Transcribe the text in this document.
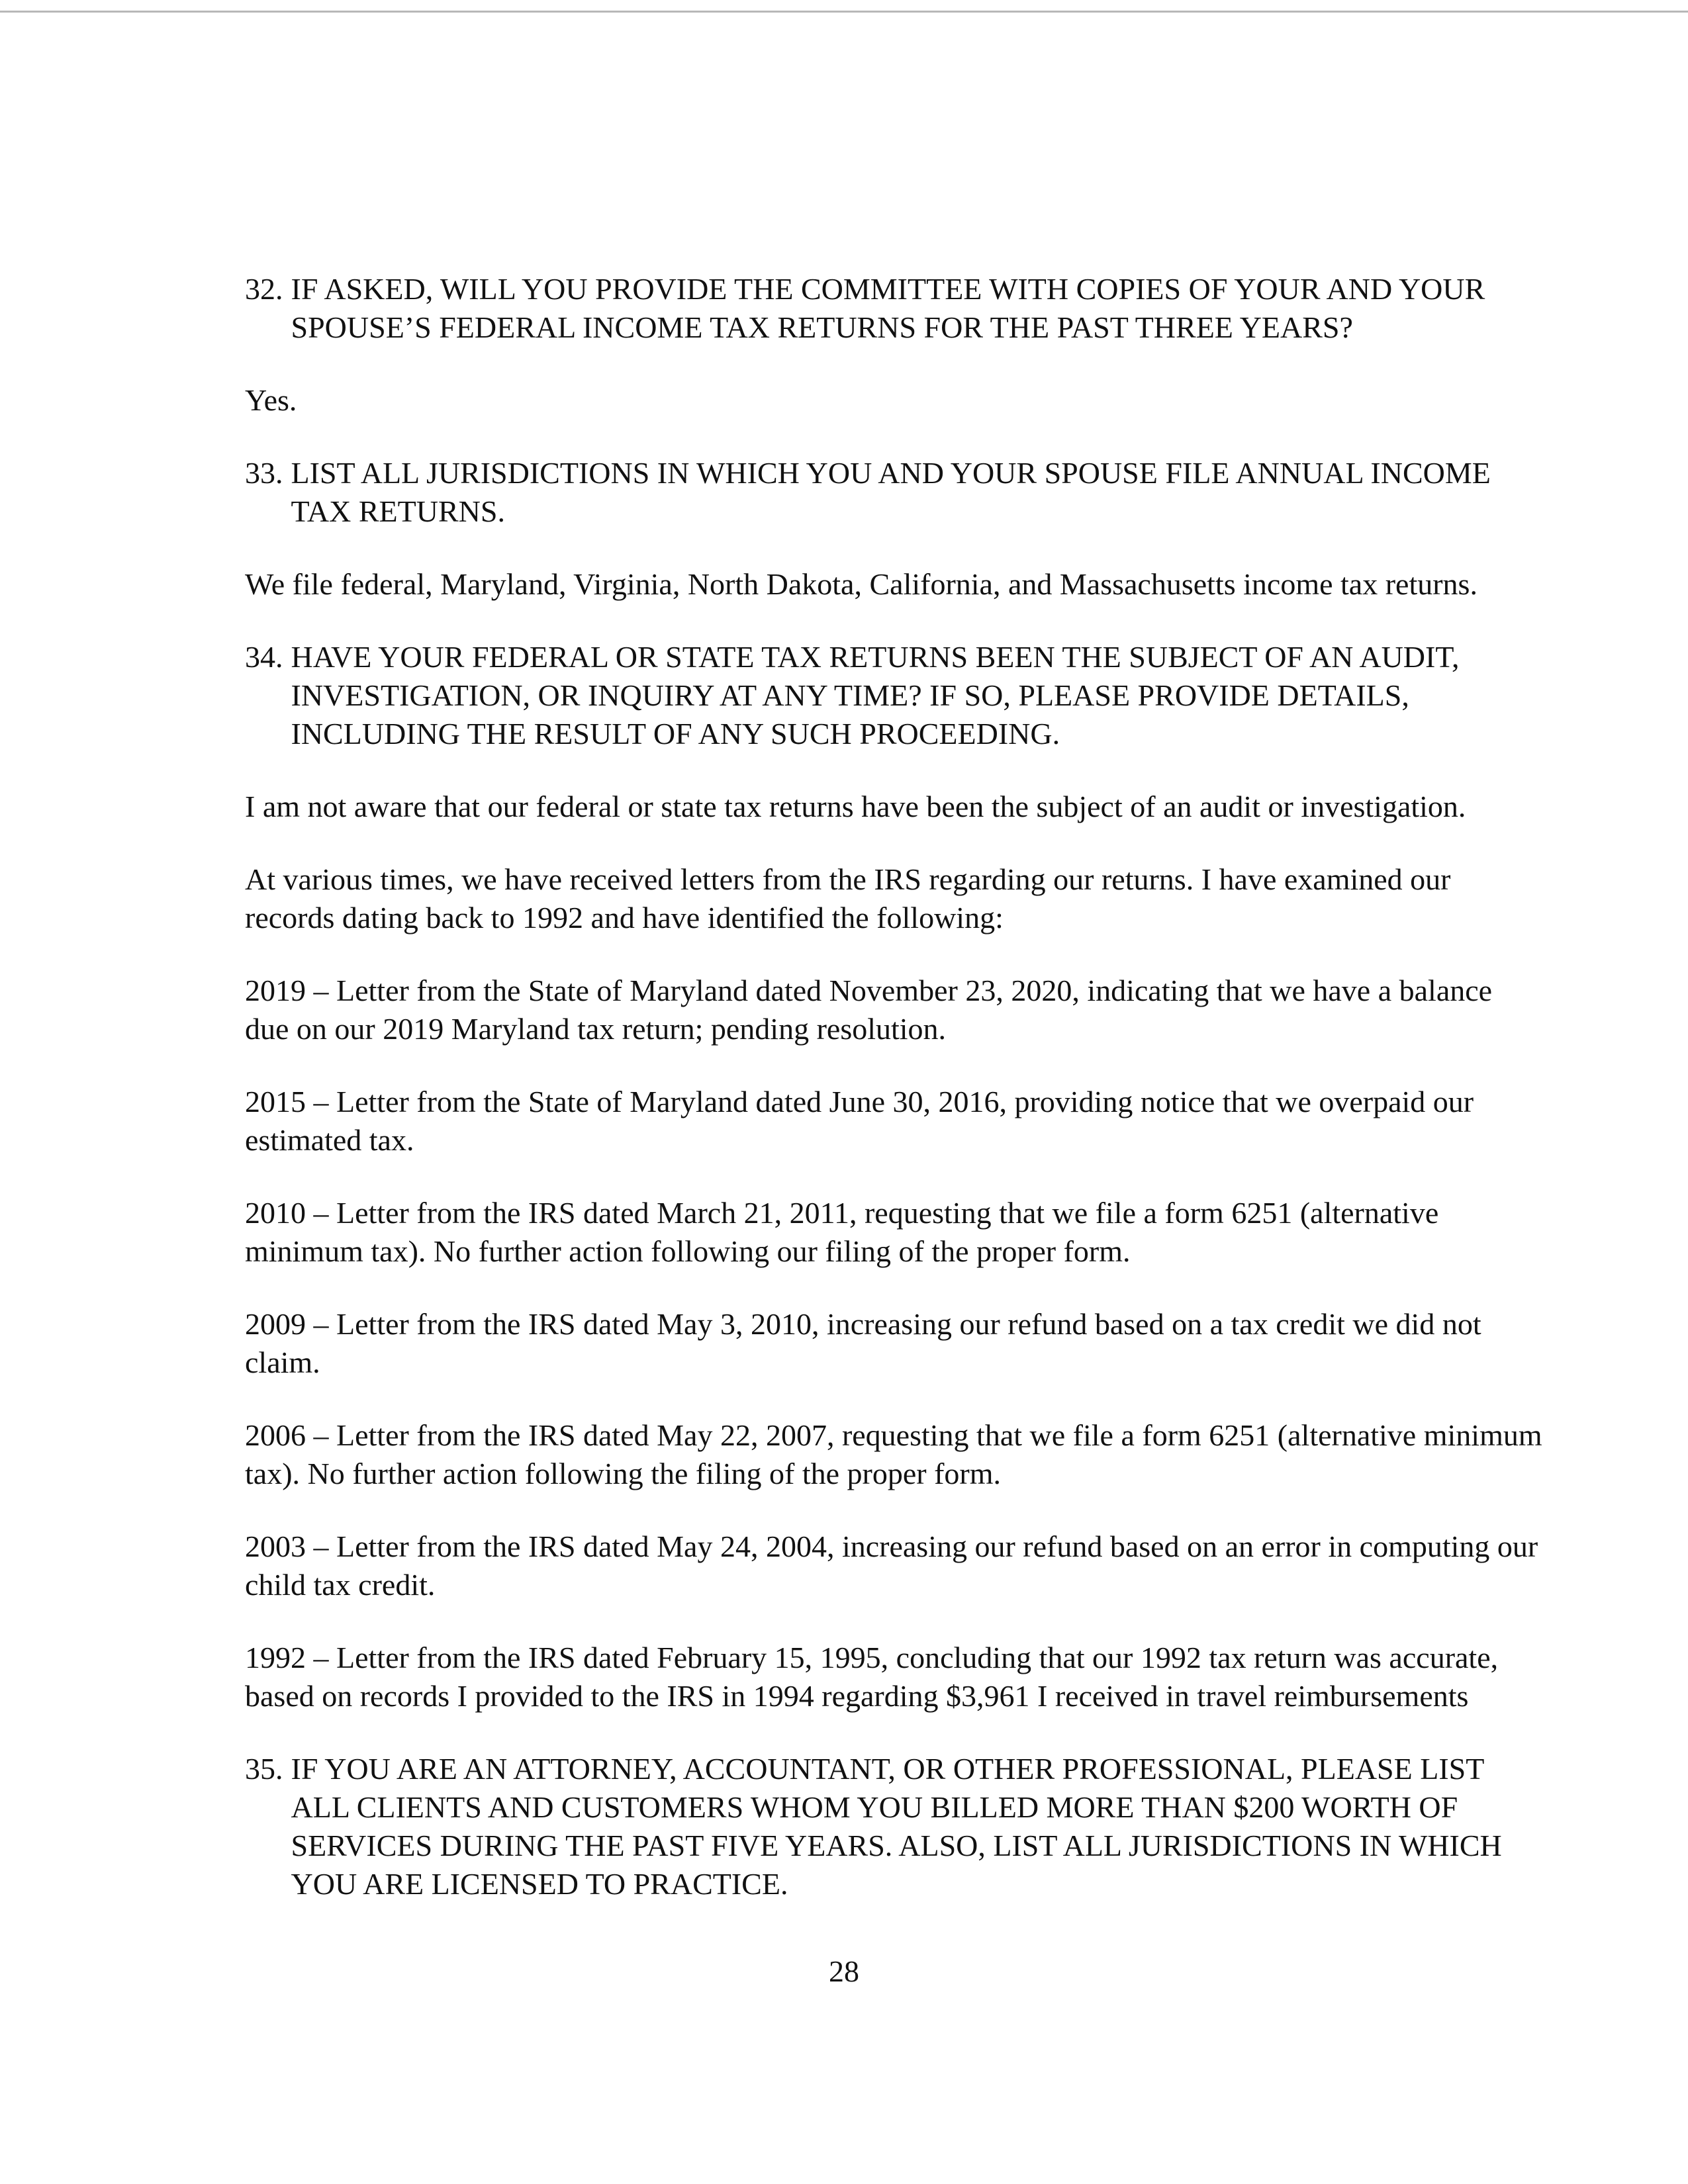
32. IF ASKED, WILL YOU PROVIDE THE COMMITTEE WITH COPIES OF YOUR AND YOUR SPOUSE’S FEDERAL INCOME TAX RETURNS FOR THE PAST THREE YEARS?
Yes.
33. LIST ALL JURISDICTIONS IN WHICH YOU AND YOUR SPOUSE FILE ANNUAL INCOME TAX RETURNS.
We file federal, Maryland, Virginia, North Dakota, California, and Massachusetts income tax returns.
34. HAVE YOUR FEDERAL OR STATE TAX RETURNS BEEN THE SUBJECT OF AN AUDIT, INVESTIGATION, OR INQUIRY AT ANY TIME? IF SO, PLEASE PROVIDE DETAILS, INCLUDING THE RESULT OF ANY SUCH PROCEEDING.
I am not aware that our federal or state tax returns have been the subject of an audit or investigation.
At various times, we have received letters from the IRS regarding our returns. I have examined our records dating back to 1992 and have identified the following:
2019 – Letter from the State of Maryland dated November 23, 2020, indicating that we have a balance due on our 2019 Maryland tax return; pending resolution.
2015 – Letter from the State of Maryland dated June 30, 2016, providing notice that we overpaid our estimated tax.
2010 – Letter from the IRS dated March 21, 2011, requesting that we file a form 6251 (alternative minimum tax). No further action following our filing of the proper form.
2009 – Letter from the IRS dated May 3, 2010, increasing our refund based on a tax credit we did not claim.
2006 – Letter from the IRS dated May 22, 2007, requesting that we file a form 6251 (alternative minimum tax). No further action following the filing of the proper form.
2003 – Letter from the IRS dated May 24, 2004, increasing our refund based on an error in computing our child tax credit.
1992 – Letter from the IRS dated February 15, 1995, concluding that our 1992 tax return was accurate, based on records I provided to the IRS in 1994 regarding $3,961 I received in travel reimbursements
35. IF YOU ARE AN ATTORNEY, ACCOUNTANT, OR OTHER PROFESSIONAL, PLEASE LIST ALL CLIENTS AND CUSTOMERS WHOM YOU BILLED MORE THAN $200 WORTH OF SERVICES DURING THE PAST FIVE YEARS. ALSO, LIST ALL JURISDICTIONS IN WHICH YOU ARE LICENSED TO PRACTICE.
28
